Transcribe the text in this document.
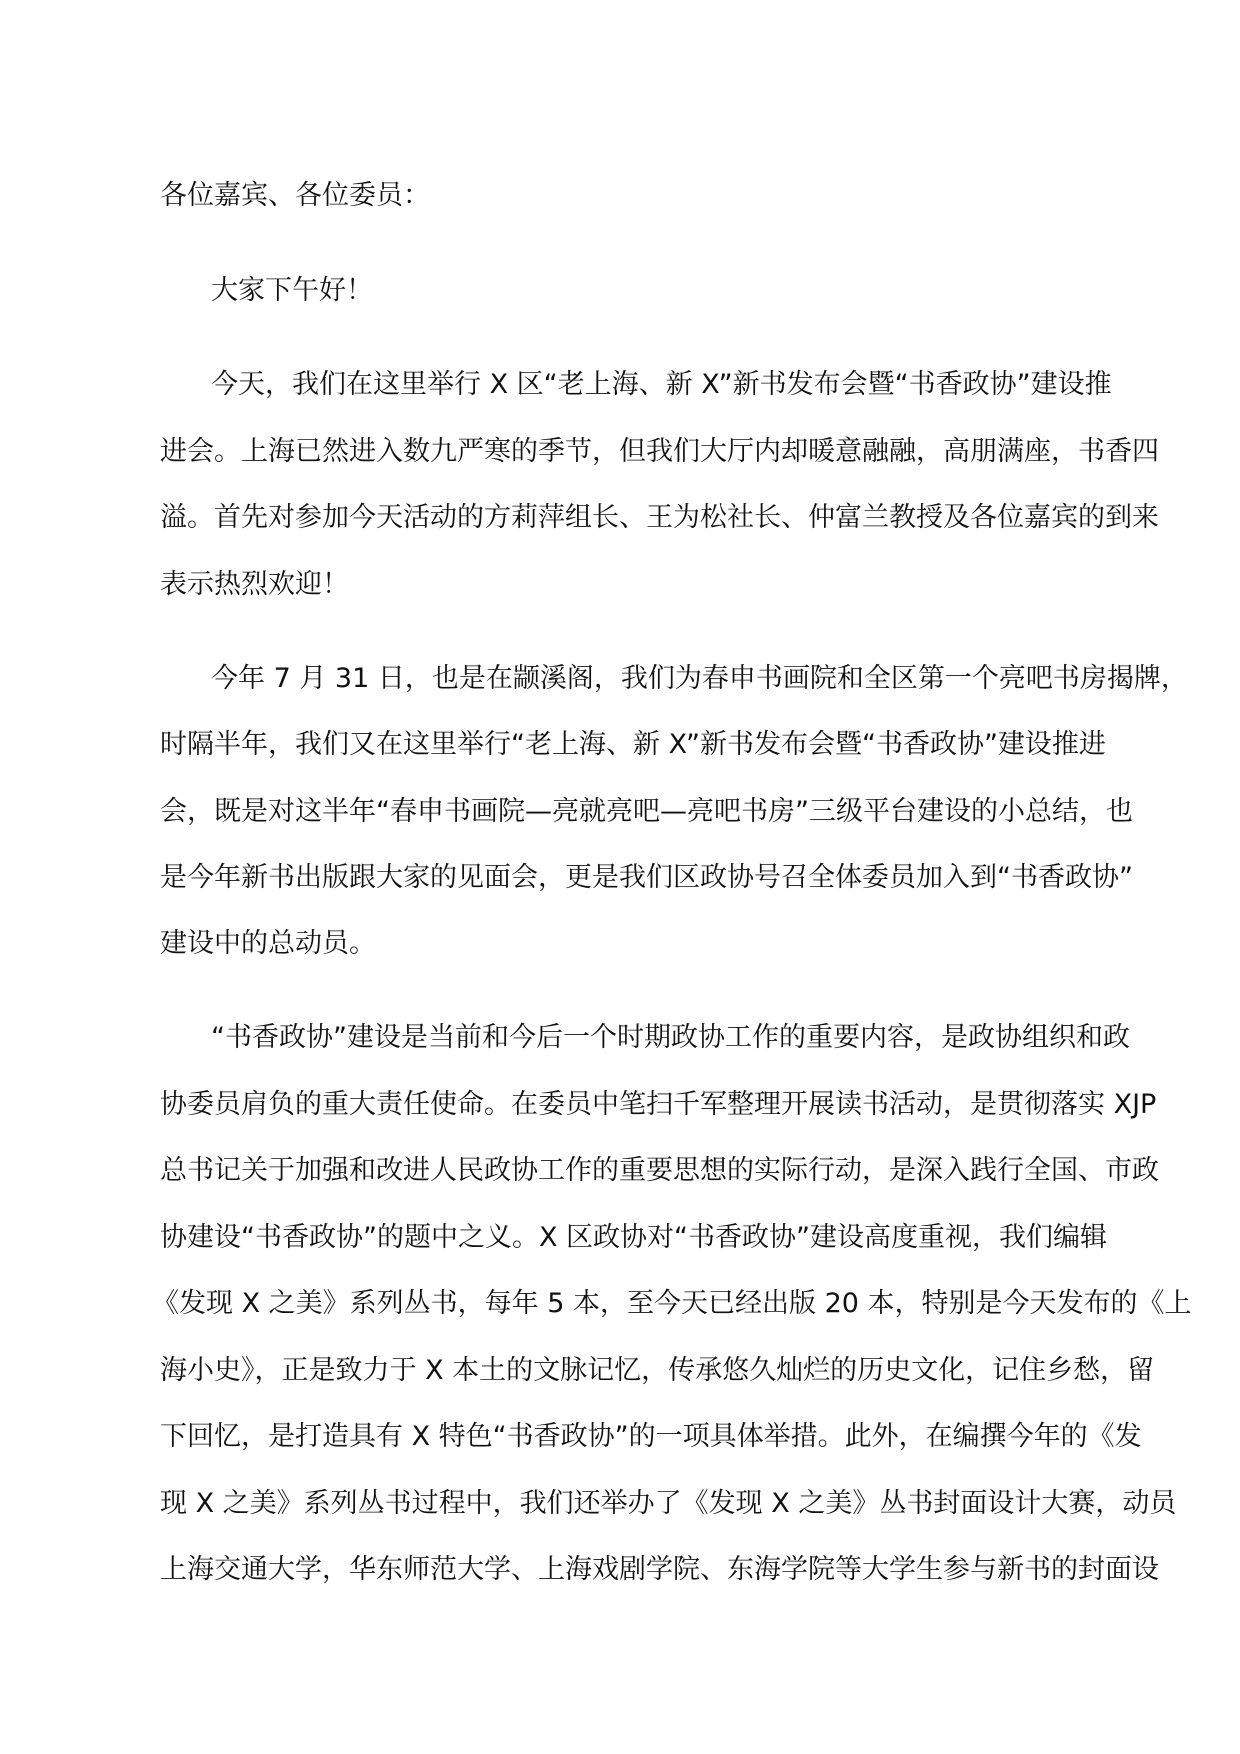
各位嘉宾、各位委员：

大家下午好！

今天，我们在这里举行 X 区“老上海、新 X”新书发布会暨“书香政协”建设推

进会。上海已然进入数九严寒的季节，但我们大厅内却暖意融融，高朋满座，书香四

溢。首先对参加今天活动的方莉萍组长、王为松社长、仲富兰教授及各位嘉宾的到来

表示热烈欢迎！

今年 7 月 31 日，也是在颛溪阁，我们为春申书画院和全区第一个亮吧书房揭牌，

时隔半年，我们又在这里举行“老上海、新 X”新书发布会暨“书香政协”建设推进

会，既是对这半年“春申书画院—亮就亮吧—亮吧书房”三级平台建设的小总结，也

是今年新书出版跟大家的见面会，更是我们区政协号召全体委员加入到“书香政协”

建设中的总动员。

“书香政协”建设是当前和今后一个时期政协工作的重要内容，是政协组织和政

协委员肩负的重大责任使命。在委员中笔扫千军整理开展读书活动，是贯彻落实 XJP

总书记关于加强和改进人民政协工作的重要思想的实际行动，是深入践行全国、市政

协建设“书香政协”的题中之义。X 区政协对“书香政协”建设高度重视，我们编辑

《发现 X 之美》系列丛书，每年 5 本，至今天已经出版 20 本，特别是今天发布的《上

海小史》，正是致力于 X 本土的文脉记忆，传承悠久灿烂的历史文化，记住乡愁，留

下回忆，是打造具有 X 特色“书香政协”的一项具体举措。此外，在编撰今年的《发

现 X 之美》系列丛书过程中，我们还举办了《发现 X 之美》丛书封面设计大赛，动员

上海交通大学，华东师范大学、上海戏剧学院、东海学院等大学生参与新书的封面设
